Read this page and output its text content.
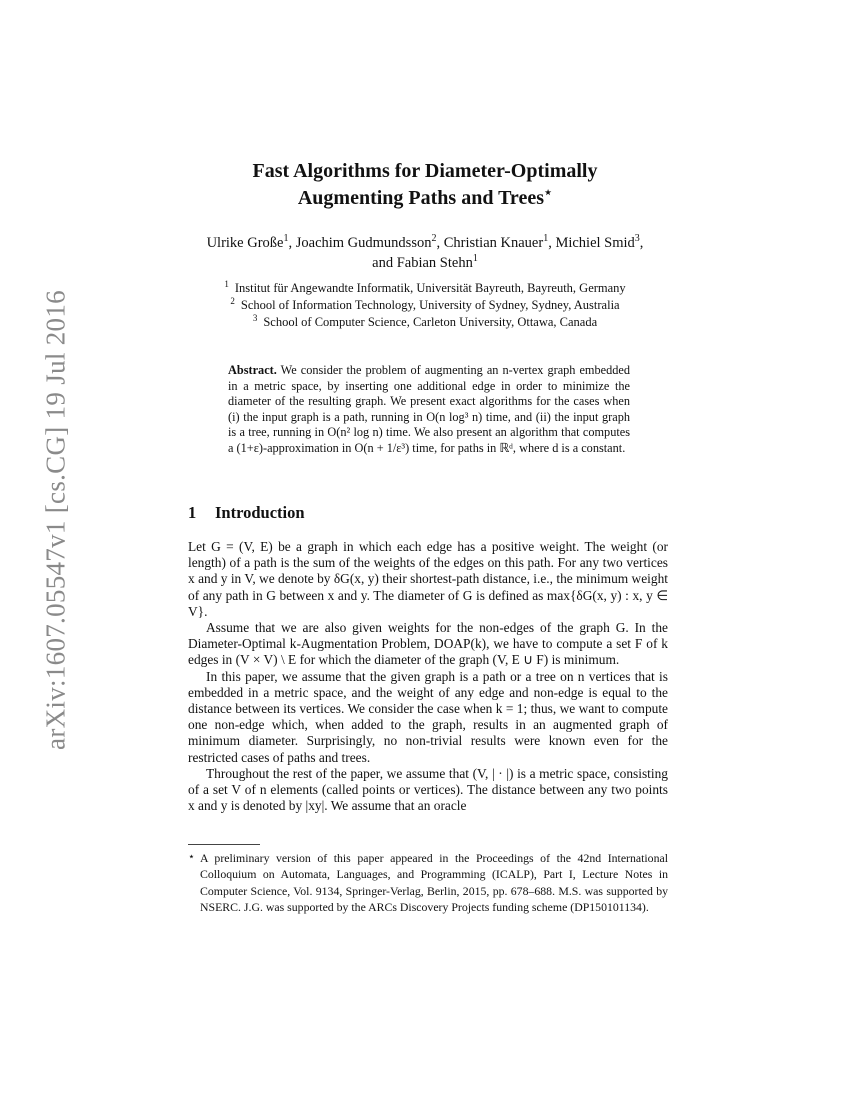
arXiv:1607.05547v1 [cs.CG] 19 Jul 2016
Fast Algorithms for Diameter-Optimally
Augmenting Paths and Trees⋆
Ulrike Große$^1$, Joachim Gudmundsson$^2$, Christian Knauer$^1$, Michiel Smid$^3$,
and Fabian Stehn$^1$
$^1$ Institut für Angewandte Informatik, Universität Bayreuth, Bayreuth, Germany
$^2$ School of Information Technology, University of Sydney, Sydney, Australia
$^3$ School of Computer Science, Carleton University, Ottawa, Canada
Abstract. We consider the problem of augmenting an n-vertex graph embedded in a metric space, by inserting one additional edge in order to minimize the diameter of the resulting graph. We present exact algorithms for the cases when (i) the input graph is a path, running in O(n log³ n) time, and (ii) the input graph is a tree, running in O(n² log n) time. We also present an algorithm that computes a (1+ε)-approximation in O(n + 1/ε³) time, for paths in ℝᵈ, where d is a constant.
1 Introduction

Let G = (V, E) be a graph in which each edge has a positive weight. The weight (or length) of a path is the sum of the weights of the edges on this path. For any two vertices x and y in V, we denote by δG(x, y) their shortest-path distance, i.e., the minimum weight of any path in G between x and y. The diameter of G is defined as max{δG(x, y) : x, y ∈ V}.

Assume that we are also given weights for the non-edges of the graph G. In the Diameter-Optimal k-Augmentation Problem, DOAP(k), we have to compute a set F of k edges in (V × V) \ E for which the diameter of the graph (V, E ∪ F) is minimum.

In this paper, we assume that the given graph is a path or a tree on n vertices that is embedded in a metric space, and the weight of any edge and non-edge is equal to the distance between its vertices. We consider the case when k = 1; thus, we want to compute one non-edge which, when added to the graph, results in an augmented graph of minimum diameter. Surprisingly, no non-trivial results were known even for the restricted cases of paths and trees.

Throughout the rest of the paper, we assume that (V, | · |) is a metric space, consisting of a set V of n elements (called points or vertices). The distance between any two points x and y is denoted by |xy|. We assume that an oracle

⋆ A preliminary version of this paper appeared in the Proceedings of the 42nd International Colloquium on Automata, Languages, and Programming (ICALP), Part I, Lecture Notes in Computer Science, Vol. 9134, Springer-Verlag, Berlin, 2015, pp. 678–688. M.S. was supported by NSERC. J.G. was supported by the ARCs Discovery Projects funding scheme (DP150101134).
